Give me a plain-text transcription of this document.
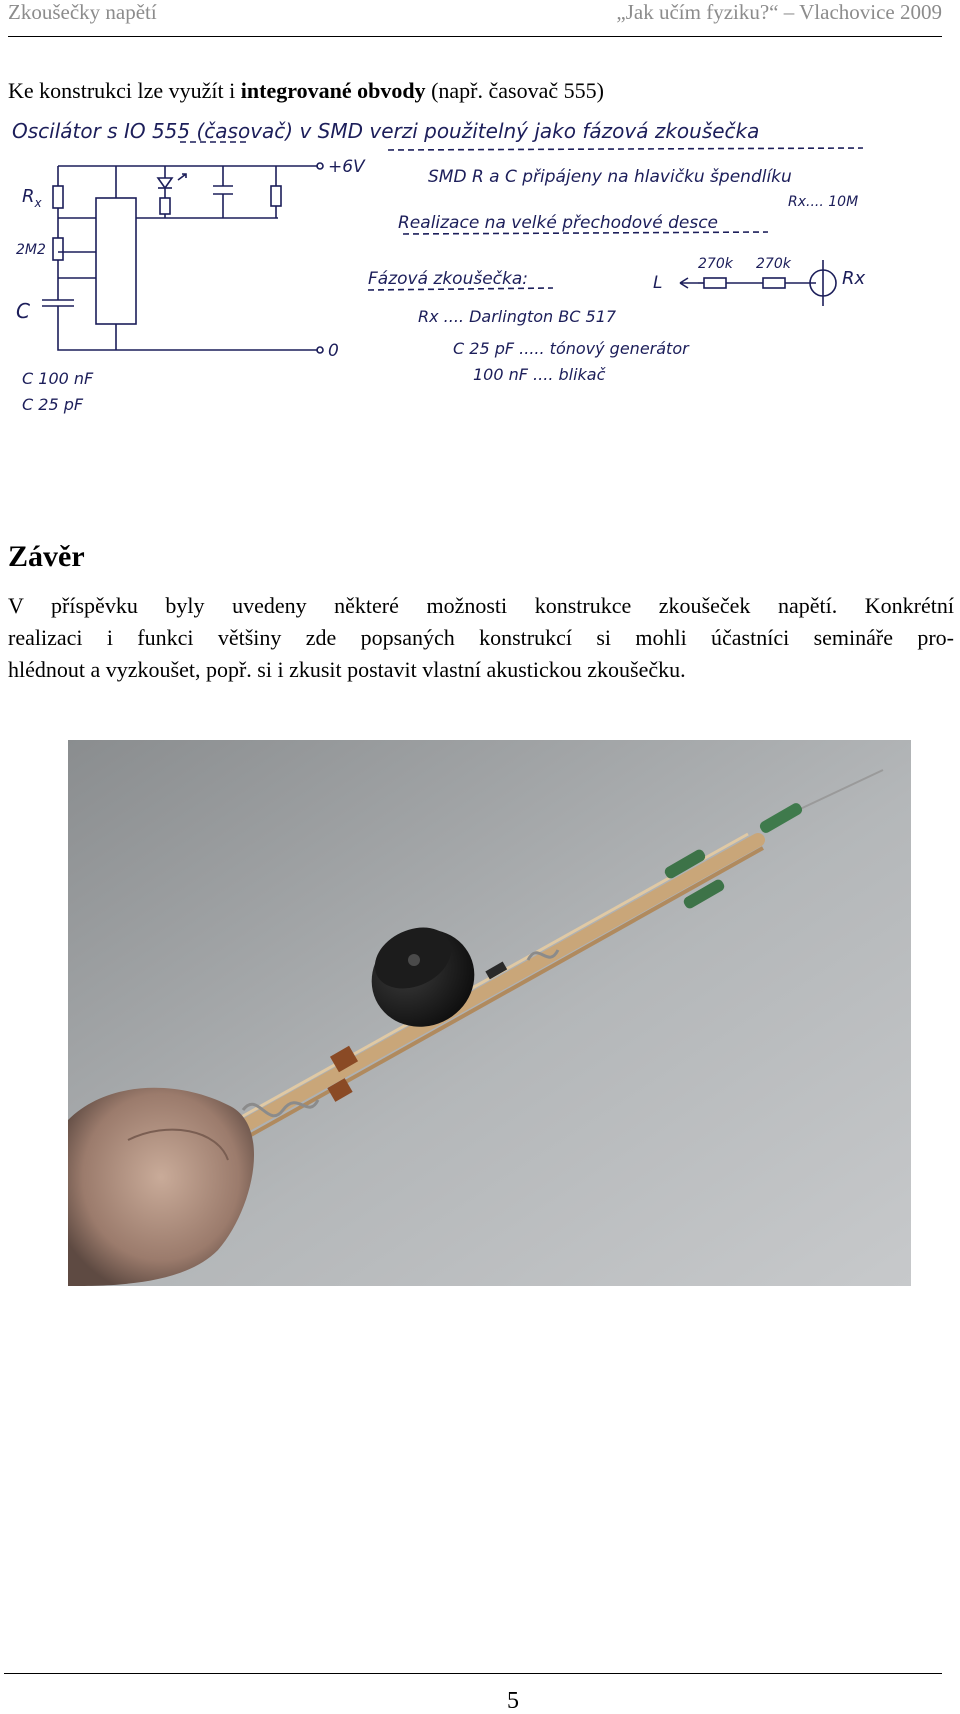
Zkoušečky napětí	„Jak učím fyziku?“ – Vlachovice 2009
Ke konstrukci lze využít i integrované obvody (např. časovač 555)
Oscilátor s IO 555 (časovač) v SMD verzi použitelný jako fázová zkoušečka
+6V
0
$R_x$
2M2
C
C 100 nF
C 25 pF
SMD R a C připájeny na hlavičku špendlíku
Rx.... 10M
Realizace na velké přechodové desce
Fázová zkoušečka:	L
270k 270k
Rx
Rx .... Darlington BC 517
C 25 pF ..... tónový generátor
100 nF .... blikač
Závěr
V příspěvku byly uvedeny některé možnosti konstrukce zkoušeček napětí. Konkrétní
realizaci i funkci většiny zde popsaných konstrukcí si mohli účastníci semináře pro-
hlédnout a vyzkoušet, popř. si i zkusit postavit vlastní akustickou zkoušečku.
5
